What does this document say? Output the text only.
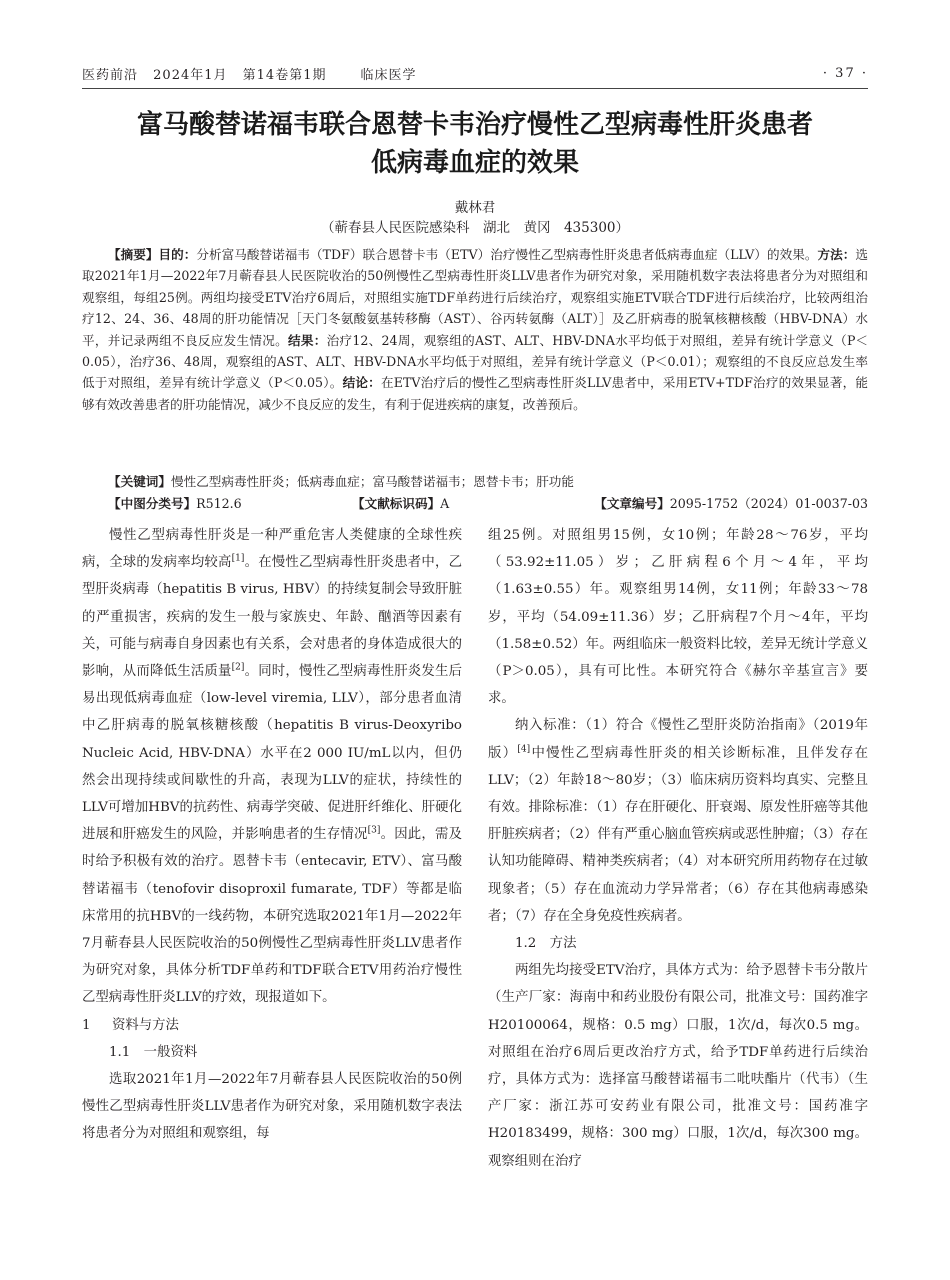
医药前沿 2024年1月 第14卷第1期	临床医学	· 37 ·
富马酸替诺福韦联合恩替卡韦治疗慢性乙型病毒性肝炎患者
低病毒血症的效果
戴林君
（蕲春县人民医院感染科　湖北　黄冈　435300）
【摘要】目的：分析富马酸替诺福韦（TDF）联合恩替卡韦（ETV）治疗慢性乙型病毒性肝炎患者低病毒血症（LLV）的效果。方法：选取2021年1月—2022年7月蕲春县人民医院收治的50例慢性乙型病毒性肝炎LLV患者作为研究对象，采用随机数字表法将患者分为对照组和观察组，每组25例。两组均接受ETV治疗6周后，对照组实施TDF单药进行后续治疗，观察组实施ETV联合TDF进行后续治疗，比较两组治疗12、24、36、48周的肝功能情况［天门冬氨酸氨基转移酶（AST）、谷丙转氨酶（ALT）］及乙肝病毒的脱氧核糖核酸（HBV-DNA）水平，并记录两组不良反应发生情况。结果：治疗12、24周，观察组的AST、ALT、HBV-DNA水平均低于对照组，差异有统计学意义（P＜0.05），治疗36、48周，观察组的AST、ALT、HBV-DNA水平均低于对照组，差异有统计学意义（P＜0.01）；观察组的不良反应总发生率低于对照组，差异有统计学意义（P＜0.05）。结论：在ETV治疗后的慢性乙型病毒性肝炎LLV患者中，采用ETV+TDF治疗的效果显著，能够有效改善患者的肝功能情况，减少不良反应的发生，有利于促进疾病的康复，改善预后。
【关键词】慢性乙型病毒性肝炎；低病毒血症；富马酸替诺福韦；恩替卡韦；肝功能
【中图分类号】R512.6	【文献标识码】A	【文章编号】2095-1752（2024）01-0037-03

慢性乙型病毒性肝炎是一种严重危害人类健康的全球性疾病，全球的发病率均较高[1]。在慢性乙型病毒性肝炎患者中，乙型肝炎病毒（hepatitis B virus, HBV）的持续复制会导致肝脏的严重损害，疾病的发生一般与家族史、年龄、酗酒等因素有关，可能与病毒自身因素也有关系，会对患者的身体造成很大的影响，从而降低生活质量[2]。同时，慢性乙型病毒性肝炎发生后易出现低病毒血症（low-level viremia, LLV），部分患者血清中乙肝病毒的脱氧核糖核酸（hepatitis B virus-Deoxyribo Nucleic Acid, HBV-DNA）水平在2 000 IU/mL以内，但仍然会出现持续或间歇性的升高，表现为LLV的症状，持续性的LLV可增加HBV的抗药性、病毒学突破、促进肝纤维化、肝硬化进展和肝癌发生的风险，并影响患者的生存情况[3]。因此，需及时给予积极有效的治疗。恩替卡韦（entecavir, ETV）、富马酸替诺福韦（tenofovir disoproxil fumarate, TDF）等都是临床常用的抗HBV的一线药物，本研究选取2021年1月—2022年7月蕲春县人民医院收治的50例慢性乙型病毒性肝炎LLV患者作为研究对象，具体分析TDF单药和TDF联合ETV用药治疗慢性乙型病毒性肝炎LLV的疗效，现报道如下。

1 资料与方法

1.1　一般资料

选取2021年1月—2022年7月蕲春县人民医院收治的50例慢性乙型病毒性肝炎LLV患者作为研究对象，采用随机数字表法将患者分为对照组和观察组，每

组25例。对照组男15例，女10例；年龄28～76岁，平均（53.92±11.05）岁；乙肝病程6个月～4年，平均（1.63±0.55）年。观察组男14例，女11例；年龄33～78岁，平均（54.09±11.36）岁；乙肝病程7个月～4年，平均（1.58±0.52）年。两组临床一般资料比较，差异无统计学意义（P＞0.05），具有可比性。本研究符合《赫尔辛基宣言》要求。

纳入标准：（1）符合《慢性乙型肝炎防治指南》（2019年版）[4]中慢性乙型病毒性肝炎的相关诊断标准，且伴发存在LLV；（2）年龄18～80岁；（3）临床病历资料均真实、完整且有效。排除标准：（1）存在肝硬化、肝衰竭、原发性肝癌等其他肝脏疾病者；（2）伴有严重心脑血管疾病或恶性肿瘤；（3）存在认知功能障碍、精神类疾病者；（4）对本研究所用药物存在过敏现象者；（5）存在血流动力学异常者；（6）存在其他病毒感染者；（7）存在全身免疫性疾病者。

1.2　方法

两组先均接受ETV治疗，具体方式为：给予恩替卡韦分散片（生产厂家：海南中和药业股份有限公司，批准文号：国药准字H20100064，规格：0.5 mg）口服，1次/d，每次0.5 mg。对照组在治疗6周后更改治疗方式，给予TDF单药进行后续治疗，具体方式为：选择富马酸替诺福韦二吡呋酯片（代韦）（生产厂家：浙江苏可安药业有限公司，批准文号：国药准字H20183499，规格：300 mg）口服，1次/d，每次300 mg。观察组则在治疗
